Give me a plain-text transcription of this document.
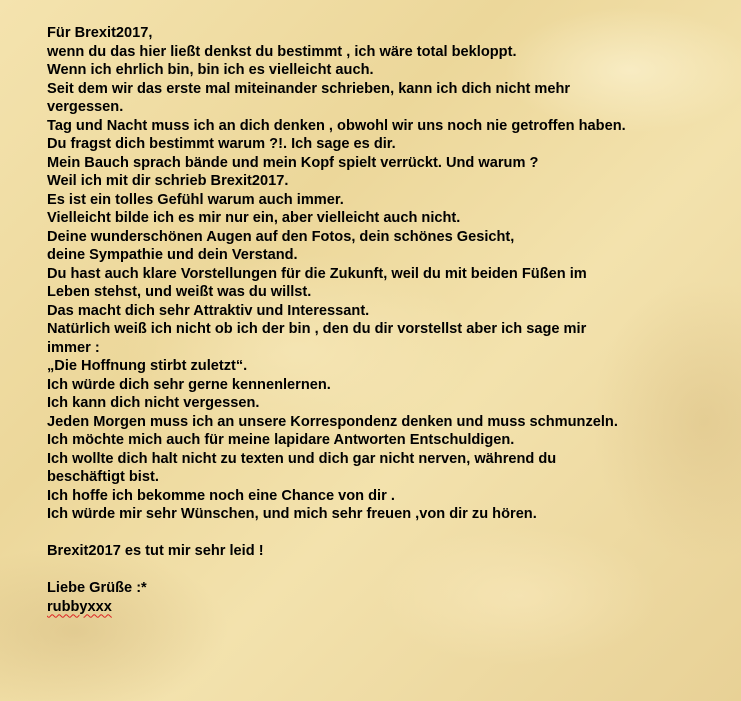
Für Brexit2017,
wenn du das hier ließt denkst du bestimmt , ich wäre total bekloppt.
Wenn ich ehrlich bin, bin ich es vielleicht auch.
Seit dem wir das erste mal miteinander schrieben, kann ich dich nicht mehr
vergessen.
Tag und Nacht muss ich an dich denken , obwohl wir uns noch nie getroffen haben.
Du fragst dich bestimmt warum ?!. Ich sage es dir.
Mein Bauch sprach bände und mein Kopf spielt verrückt. Und warum ?
Weil ich mit dir schrieb Brexit2017.
Es ist ein tolles Gefühl warum auch immer.
Vielleicht bilde ich es mir nur ein, aber vielleicht auch nicht.
Deine wunderschönen Augen auf den Fotos, dein schönes Gesicht,
deine Sympathie und dein Verstand.
Du hast auch klare Vorstellungen für die Zukunft, weil du mit beiden Füßen im
Leben stehst, und weißt was du willst.
Das macht dich sehr Attraktiv und Interessant.
Natürlich weiß ich nicht ob ich der bin , den du dir vorstellst aber ich sage mir
immer :
„Die Hoffnung stirbt zuletzt“.
Ich würde dich sehr gerne kennenlernen.
Ich kann dich nicht vergessen.
Jeden Morgen muss ich an unsere Korrespondenz denken und muss schmunzeln.
Ich möchte mich auch für meine lapidare Antworten Entschuldigen.
Ich wollte dich halt nicht zu texten und dich gar nicht nerven, während du
beschäftigt bist.
Ich hoffe ich bekomme noch eine Chance von dir .
Ich würde mir sehr Wünschen, und mich sehr freuen ,von dir zu hören.
Brexit2017 es tut mir sehr leid !
Liebe Grüße :*
rubbyxxx
